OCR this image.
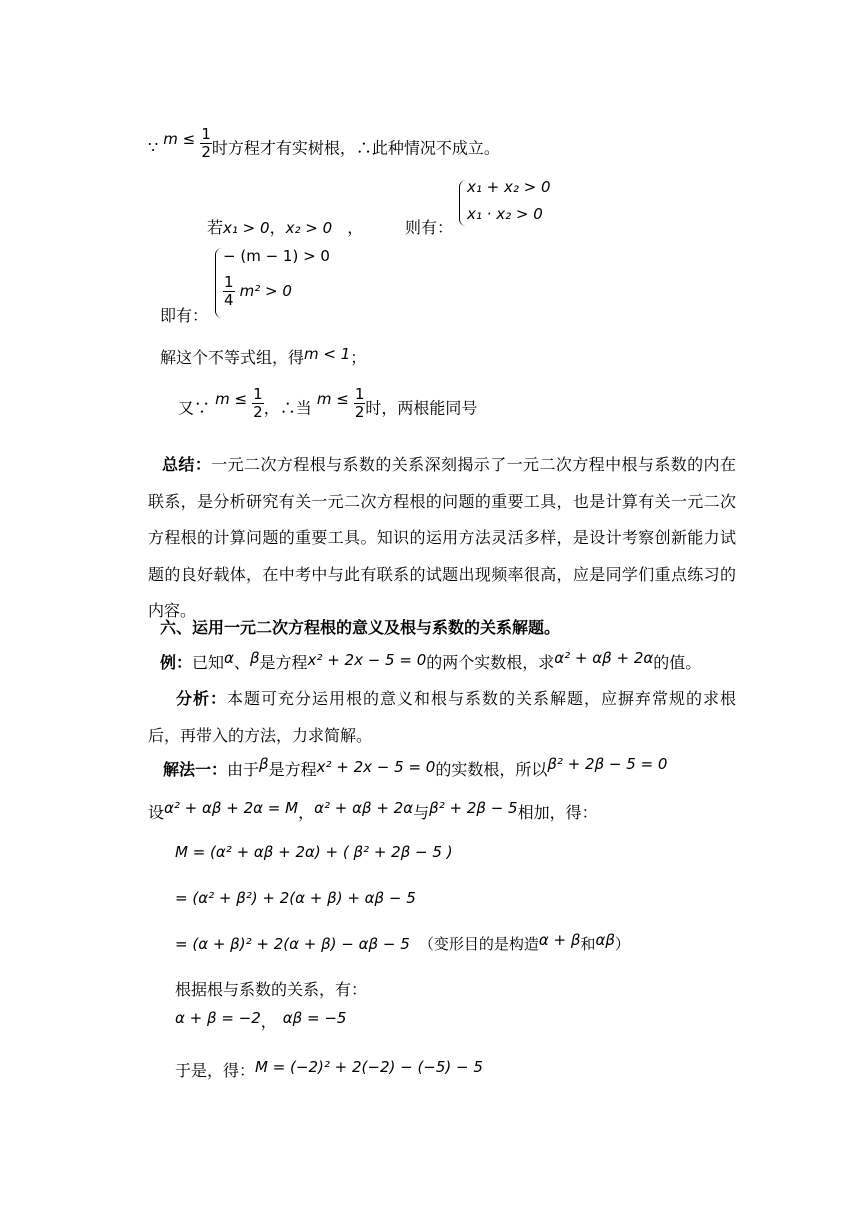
∵ $m \le \frac{1}{2}$ 时方程才有实树根，∴此种情况不成立。
若x₁ > 0，x₂ > 0 ，	则有：
x₁ + x₂ > 0
x₁ · x₂ > 0
− (m − 1) > 0
$\frac{1}{4} m^2 > 0$
即有：
解这个不等式组，得m < 1；
又∵ $m \le \frac{1}{2}$ ，∴当 $m \le \frac{1}{2}$ 时，两根能同号
总结：一元二次方程根与系数的关系深刻揭示了一元二次方程中根与系数的内在联系，是分析研究有关一元二次方程根的问题的重要工具，也是计算有关一元二次方程根的计算问题的重要工具。知识的运用方法灵活多样，是设计考察创新能力试题的良好载体，在中考中与此有联系的试题出现频率很高，应是同学们重点练习的内容。
六、运用一元二次方程根的意义及根与系数的关系解题。
例：已知α、β是方程x² + 2x − 5 = 0的两个实数根，求α² + αβ + 2α的值。
分析：本题可充分运用根的意义和根与系数的关系解题，应摒弃常规的求根后，再带入的方法，力求简解。
解法一：由于β是方程x² + 2x − 5 = 0的实数根，所以β² + 2β − 5 = 0
设α² + αβ + 2α = M，α² + αβ + 2α与β² + 2β − 5相加，得：
M = (α² + αβ + 2α) + ( β² + 2β − 5 )
= (α² + β²) + 2(α + β) + αβ − 5
= (α + β)² + 2(α + β) − αβ − 5 （变形目的是构造α + β和αβ）
根据根与系数的关系，有：
α + β = −2， αβ = −5
于是，得：M = (−2)² + 2(−2) − (−5) − 5
